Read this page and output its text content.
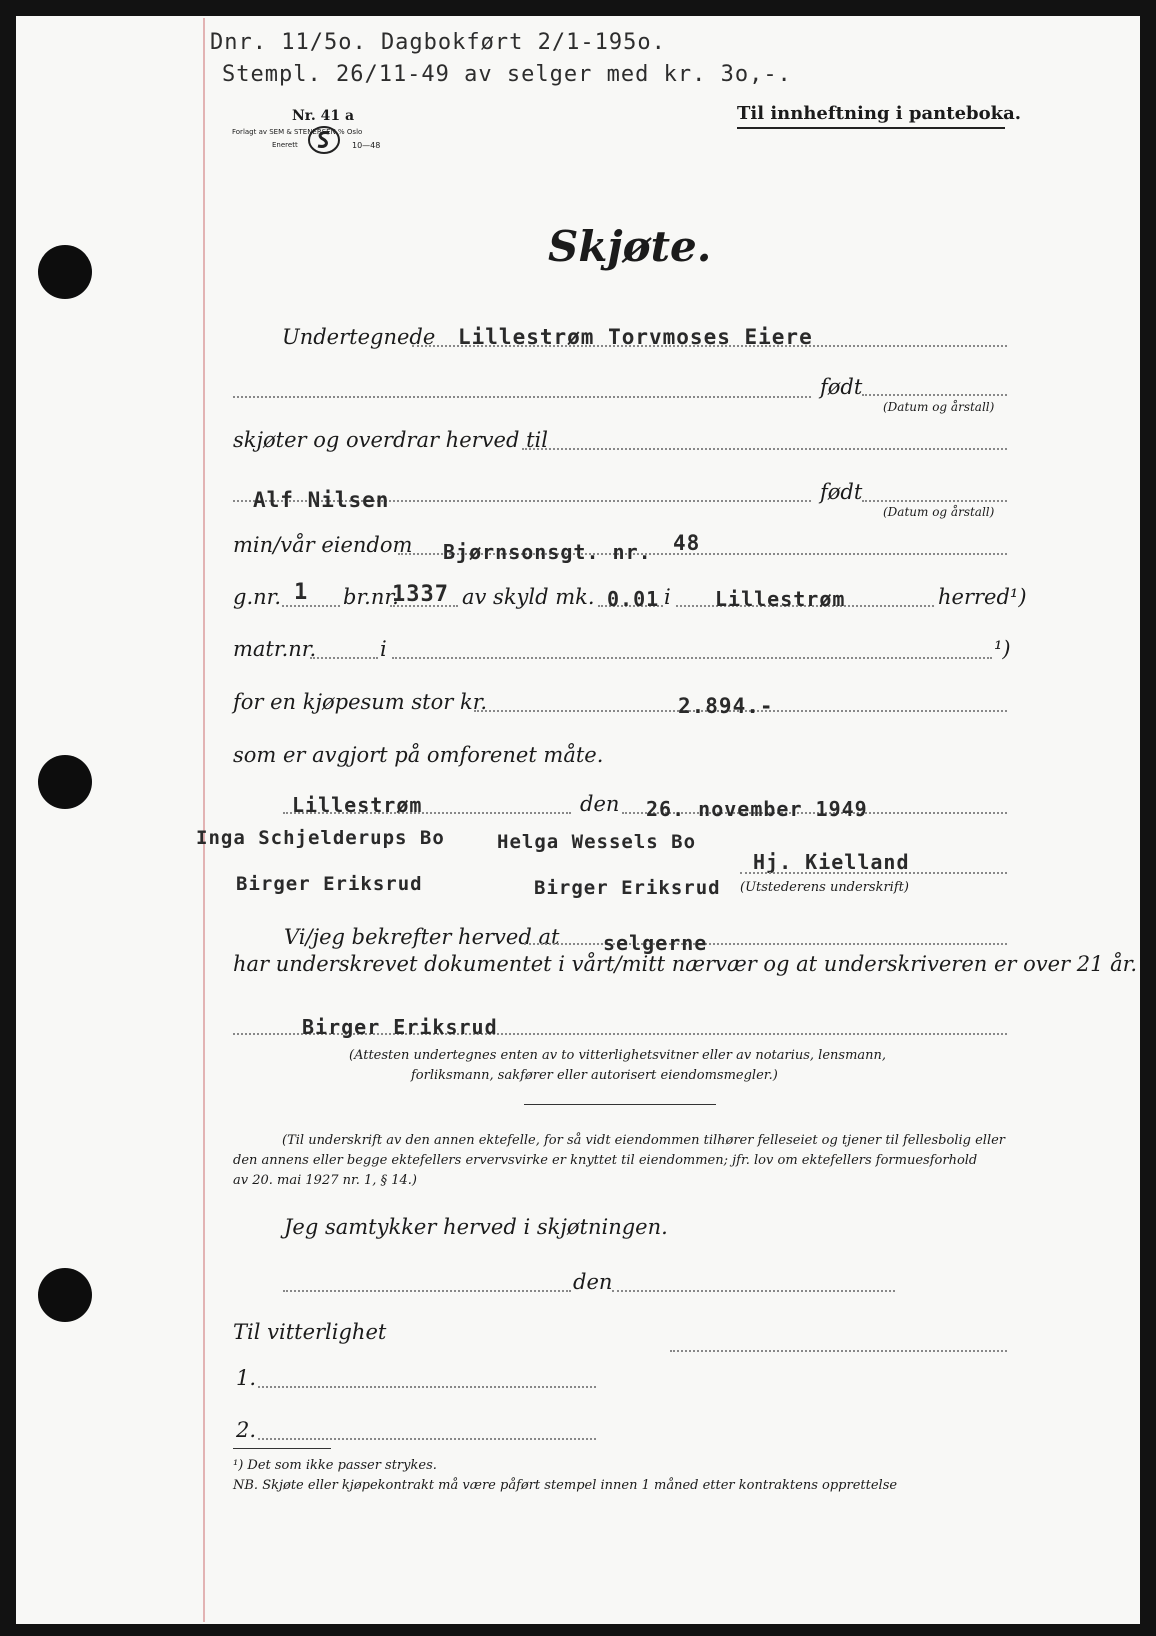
Dnr. 11/5o. Dagbokført 2/1-195o.
Stempl. 26/11-49 av selger med kr. 3o,-.
Nr. 41 a
Forlagt av SEM & STENERSEN % Oslo
Enerett	10—48
Til innheftning i panteboka.
Skjøte.
Undertegnede Lillestrøm Torvmoses Eiere
født
(Datum og årstall)
skjøter og overdrar herved til
Alf Nilsen	født
(Datum og årstall)
min/vår eiendom Bjørnsonsgt. nr. 48
g.nr. 1 br.nr.
1337 av skyld mk. 0.01 i Lillestrøm	herred¹)
matr.nr.	i	¹)
for en kjøpesum stor kr.	2.894.-
som er avgjort på omforenet måte.
Lillestrøm	den 26. november 1949
Inga Schjelderups Bo	Helga Wessels Bo
Hj. Kielland
Birger Eriksrud	Birger Eriksrud (Utstederens underskrift)
Vi/jeg bekrefter herved at selgerne
har underskrevet dokumentet i vårt/mitt nærvær og at underskriveren er over 21 år.
Birger Eriksrud
(Attesten undertegnes enten av to vitterlighetsvitner eller av notarius, lensmann,
forliksmann, sakfører eller autorisert eiendomsmegler.)
(Til underskrift av den annen ektefelle, for så vidt eiendommen tilhører felleseiet og tjener til fellesbolig eller
den annens eller begge ektefellers ervervsvirke er knyttet til eiendommen; jfr. lov om ektefellers formuesforhold
av 20. mai 1927 nr. 1, § 14.)
Jeg samtykker herved i skjøtningen.
den
Til vitterlighet
1.
2.
¹) Det som ikke passer strykes.
NB. Skjøte eller kjøpekontrakt må være påført stempel innen 1 måned etter kontraktens opprettelse
